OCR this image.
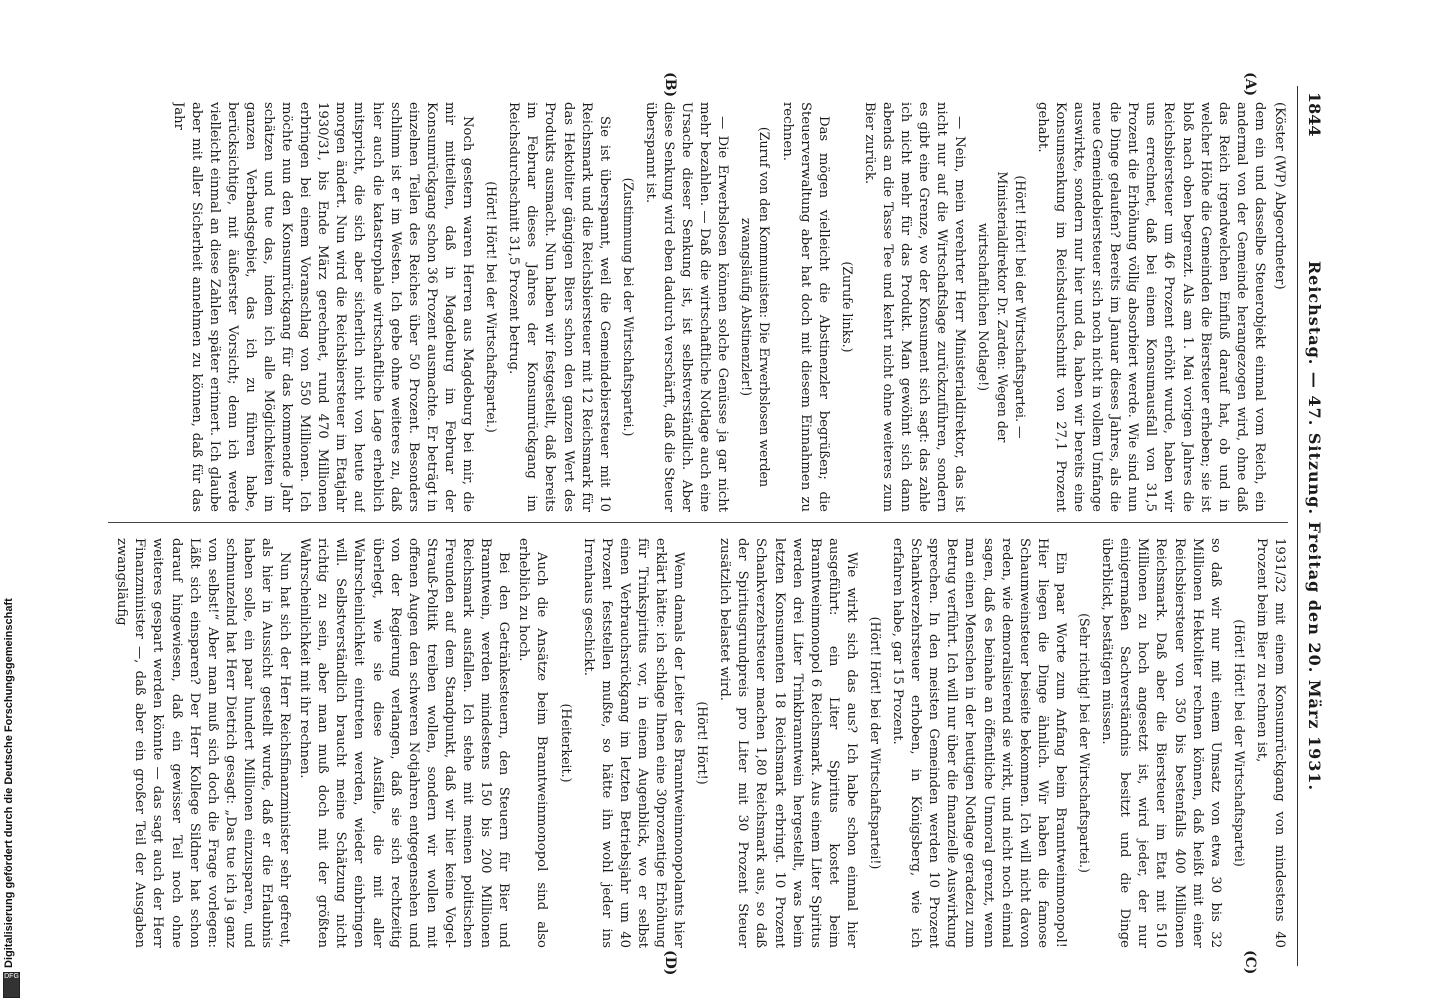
1844
Reichstag. — 47. Sitzung. Freitag den 20. März 1931.
(A)
(B)
(C)
(D)

(Köster (WP) Abgeordneter)

dem ein und dasselbe Steuerobjekt einmal vom Reich, ein andermal von der Gemeinde herangezogen wird, ohne daß das Reich irgendwelchen Einfluß darauf hat, ob und in welcher Höhe die Gemeinden die Biersteuer erheben; sie ist bloß nach oben begrenzt. Als am 1. Mai vorigen Jahres die Reichsbiersteuer um 46 Prozent erhöht wurde, haben wir uns errechnet, daß bei einem Konsumausfall von 31,5 Prozent die Erhöhung völlig absorbiert werde. Wie sind nun die Dinge gelaufen? Bereits im Januar dieses Jahres, als die neue Gemeindebiersteuer sich noch nicht in vollem Umfange auswirkte, sondern nur hier und da, haben wir bereits eine Konsumsenkung im Reichsdurchschnitt von 27,1 Prozent gehabt.

(Hört! Hört! bei der Wirtschaftspartei. — Ministerialdirektor Dr. Zarden: Wegen der wirtschaftlichen Notlage!)

— Nein, mein verehrter Herr Ministerialdirektor, das ist nicht nur auf die Wirtschaftslage zurückzuführen, sondern es gibt eine Grenze, wo der Konsument sich sagt: das zahle ich nicht mehr für das Produkt. Man gewöhnt sich dann abends an die Tasse Tee und kehrt nicht ohne weiteres zum Bier zurück.

(Zurufe links.)

Das mögen vielleicht die Abstinenzler begrüßen; die Steuerverwaltung aber hat doch mit diesem Einnahmen zu rechnen.

(Zuruf von den Kommunisten: Die Erwerbslosen werden zwangsläufig Abstinenzler!)

— Die Erwerbslosen können solche Genüsse ja gar nicht mehr bezahlen. — Daß die wirtschaftliche Notlage auch eine Ursache dieser Senkung ist, ist selbstverständlich. Aber diese Senkung wird eben dadurch verschärft, daß die Steuer überspannt ist.

(Zustimmung bei der Wirtschaftspartei.)

Sie ist überspannt, weil die Gemeindebiersteuer mit 10 Reichsmark und die Reichsbiersteuer mit 12 Reichsmark für das Hektoliter gängigen Biers schon den ganzen Wert des Produkts ausmacht. Nun haben wir festgestellt, daß bereits im Februar dieses Jahres der Konsumrückgang im Reichsdurchschnitt 31,5 Prozent betrug.

(Hört! Hört! bei der Wirtschaftspartei.)

Noch gestern waren Herren aus Magdeburg bei mir, die mir mitteilten, daß in Magdeburg im Februar der Konsumrückgang schon 36 Prozent ausmachte. Er beträgt in einzelnen Teilen des Reiches über 50 Prozent. Besonders schlimm ist er im Westen. Ich gebe ohne weiteres zu, daß hier auch die katastrophale wirtschaftliche Lage erheblich mitspricht, die sich aber sicherlich nicht von heute auf morgen ändert. Nun wird die Reichsbiersteuer im Etatjahr 1930/31, bis Ende März gerechnet, rund 470 Millionen erbringen bei einem Voranschlag von 550 Millionen. Ich möchte nun den Konsumrückgang für das kommende Jahr schätzen und tue das, indem ich alle Möglichkeiten im ganzen Verbandsgebiet, das ich zu führen habe, berücksichtige, mit äußerster Vorsicht; denn ich werde vielleicht einmal an diese Zahlen später erinnert. Ich glaube aber mit aller Sicherheit annehmen zu können, daß für das Jahr

1931/32 mit einem Konsumrückgang von mindestens 40 Prozent beim Bier zu rechnen ist,

(Hört! Hört! bei der Wirtschaftspartei)

so daß wir nur mit einem Umsatz von etwa 30 bis 32 Millionen Hektoliter rechnen können, daß heißt mit einer Reichsbiersteuer von 350 bis bestenfalls 400 Millionen Reichsmark. Daß aber die Biersteuer im Etat mit 510 Millionen zu hoch angesetzt ist, wird jeder, der nur einigermaßen Sachverständnis besitzt und die Dinge überblickt, bestätigen müssen.

(Sehr richtig! bei der Wirtschaftspartei.)

Ein paar Worte zum Anfang beim Branntweinmonopol! Hier liegen die Dinge ähnlich. Wir haben die famose Schaumweinsteuer beiseite bekommen. Ich will nicht davon reden, wie demoralisierend sie wirkt, und nicht noch einmal sagen, daß es beinahe an öffentliche Unmoral grenzt, wenn man einen Menschen in der heutigen Notlage geradezu zum Betrug verführt. Ich will nur über die finanzielle Auswirkung sprechen. In den meisten Gemeinden werden 10 Prozent Schankverzehrsteuer erhoben, in Königsberg, wie ich erfahren habe, gar 15 Prozent.

(Hört! Hört! bei der Wirtschaftspartei!)

Wie wirkt sich das aus? Ich habe schon einmal hier ausgeführt: ein Liter Spiritus kostet beim Branntweinmonopol 6 Reichsmark. Aus einem Liter Spiritus werden drei Liter Trinkbranntwein hergestellt, was beim letzten Konsumenten 18 Reichsmark erbringt. 10 Prozent Schankverzehrsteuer machen 1,80 Reichsmark aus, so daß der Spiritusgrundpreis pro Liter mit 30 Prozent Steuer zusätzlich belastet wird.

(Hört! Hört!)

Wenn damals der Leiter des Branntweinmonopolamts hier erklärt hätte: ich schlage Ihnen eine 30prozentige Erhöhung für Trinkspiritus vor, in einem Augenblick, wo er selbst einen Verbrauchsrückgang im letzten Betriebsjahr um 40 Prozent feststellen mußte, so hätte ihn wohl jeder ins Irrenhaus geschickt.

(Heiterkeit.)

Auch die Ansätze beim Branntweinmonopol sind also erheblich zu hoch.

Bei den Getränkesteuern, den Steuern für Bier und Branntwein, werden mindestens 150 bis 200 Millionen Reichsmark ausfallen. Ich stehe mit meinen politischen Freunden auf dem Standpunkt, daß wir hier keine Vogel-Strauß-Politik treiben wollen, sondern wir wollen mit offenen Augen den schweren Notjahren entgegensehen und von der Regierung verlangen, daß sie sich rechtzeitig überlegt, wie sie diese Ausfälle, die mit aller Wahrscheinlichkeit eintreten werden, wieder einbringen will. Selbstverständlich braucht meine Schätzung nicht richtig zu sein, aber man muß doch mit der größten Wahrscheinlichkeit mit ihr rechnen.

Nun hat sich der Herr Reichsfinanzminister sehr gefreut, als hier in Aussicht gestellt wurde, daß er die Erlaubnis haben solle, ein paar hundert Millionen einzusparen, und schmunzelnd hat Herr Dietrich gesagt: „Das tue ich ja ganz von selbst!“ Aber man muß sich doch die Frage vorlegen: Läßt sich einsparen? Der Herr Kollege Sildner hat schon darauf hingewiesen, daß ein gewisser Teil noch ohne weiteres gespart werden könnte — das sagt auch der Herr Finanzminister —, daß aber ein großer Teil der Ausgaben zwangsläufig

Digitalisierung gefördert durch die Deutsche Forschungsgemeinschaft
DFG
